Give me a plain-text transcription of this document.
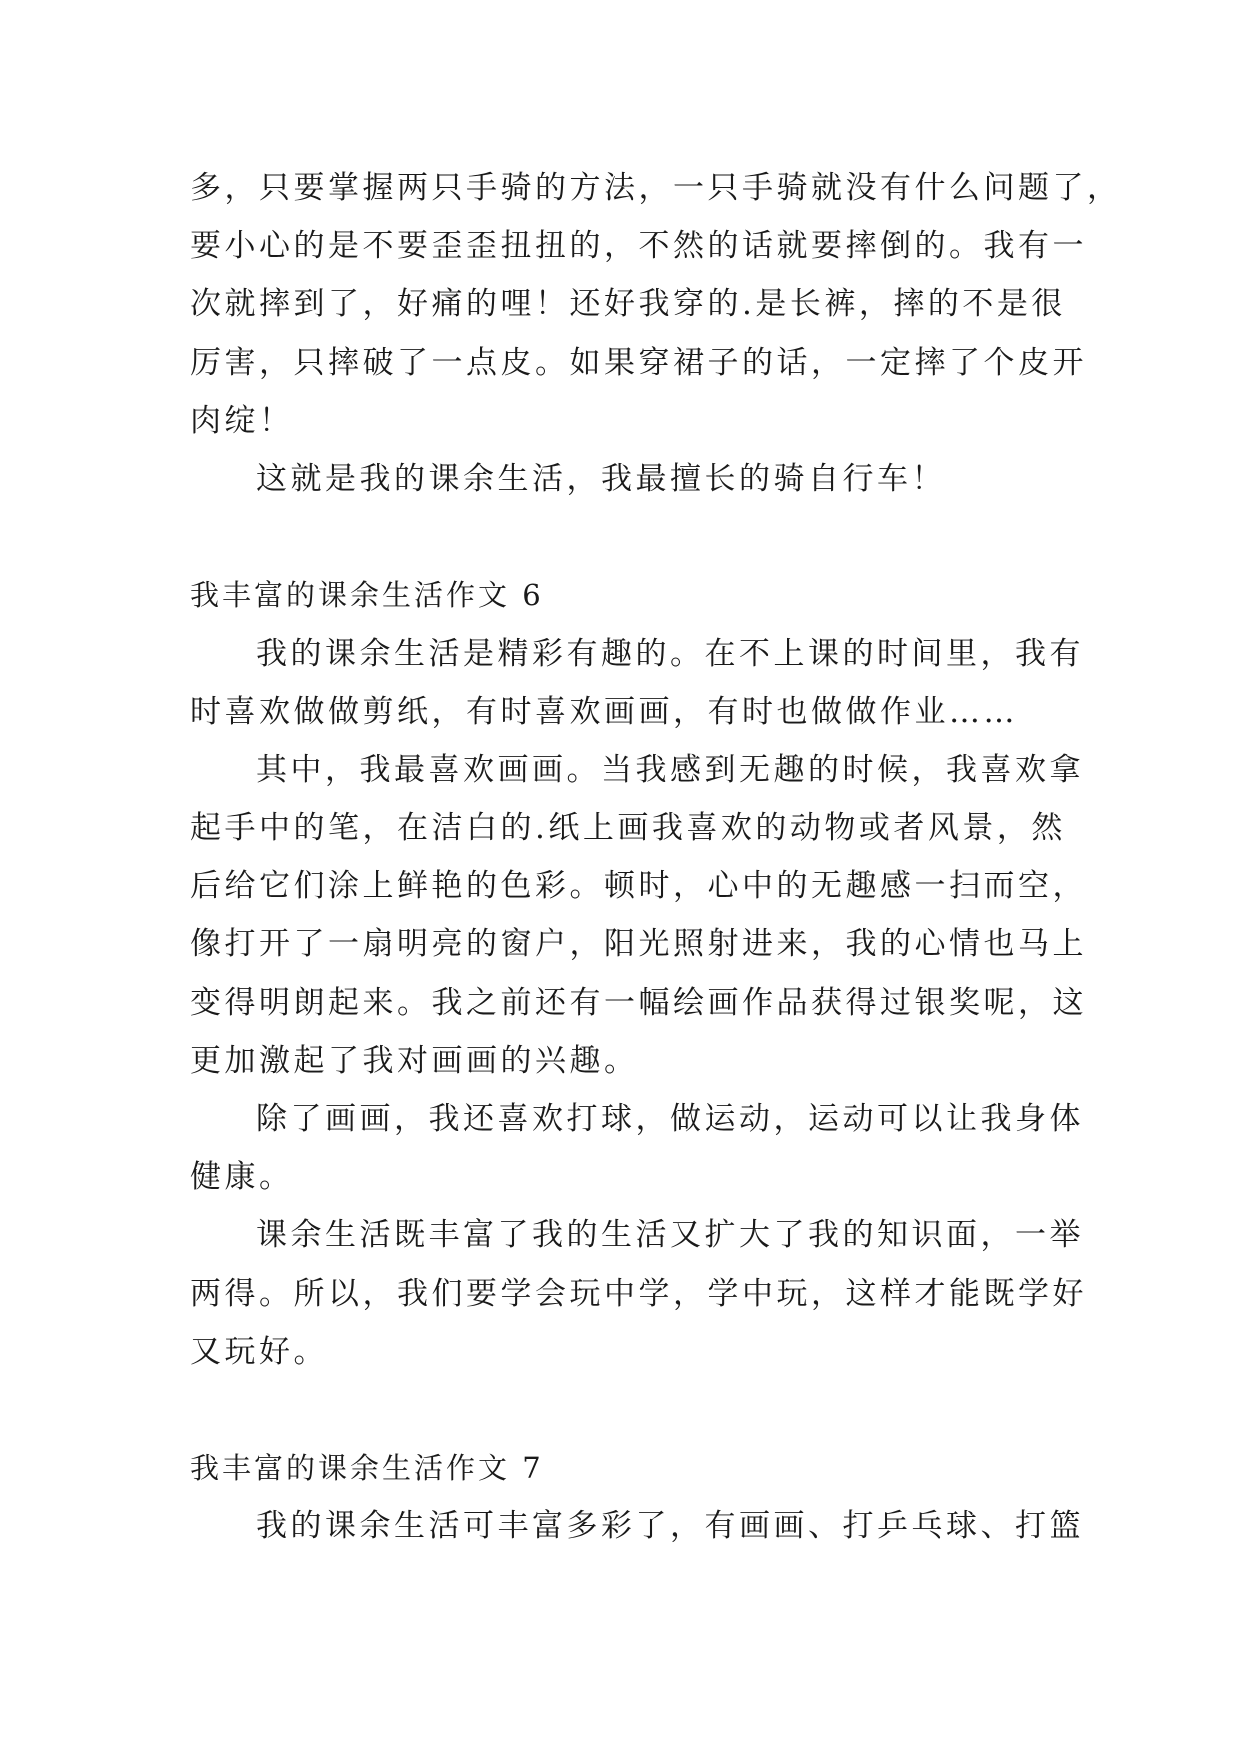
多，只要掌握两只手骑的方法，一只手骑就没有什么问题了，
要小心的是不要歪歪扭扭的，不然的话就要摔倒的。我有一
次就摔到了，好痛的哩！还好我穿的.是长裤，摔的不是很
厉害，只摔破了一点皮。如果穿裙子的话，一定摔了个皮开
肉绽！
这就是我的课余生活，我最擅长的骑自行车！
我丰富的课余生活作文 6
我的课余生活是精彩有趣的。在不上课的时间里，我有
时喜欢做做剪纸，有时喜欢画画，有时也做做作业……
其中，我最喜欢画画。当我感到无趣的时候，我喜欢拿
起手中的笔，在洁白的.纸上画我喜欢的动物或者风景，然
后给它们涂上鲜艳的色彩。顿时，心中的无趣感一扫而空，
像打开了一扇明亮的窗户，阳光照射进来，我的心情也马上
变得明朗起来。我之前还有一幅绘画作品获得过银奖呢，这
更加激起了我对画画的兴趣。
除了画画，我还喜欢打球，做运动，运动可以让我身体
健康。
课余生活既丰富了我的生活又扩大了我的知识面，一举
两得。所以，我们要学会玩中学，学中玩，这样才能既学好
又玩好。
我丰富的课余生活作文 7
我的课余生活可丰富多彩了，有画画、打乒乓球、打篮
